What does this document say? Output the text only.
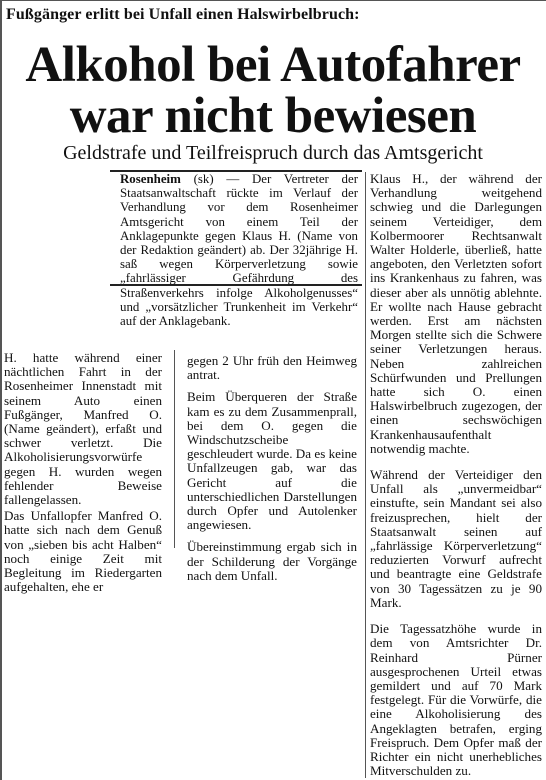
Fußgänger erlitt bei Unfall einen Halswirbelbruch:
Alkohol bei Autofahrer
war nicht bewiesen
Geldstrafe und Teilfreispruch durch das Amtsgericht
Rosenheim (sk) — Der Vertreter der Staatsanwaltschaft rückte im Verlauf der Verhandlung vor dem Rosenheimer Amtsgericht von einem Teil der Anklagepunkte gegen Klaus H. (Name von der Redaktion geändert) ab. Der 32jährige H. saß wegen Körperverletzung sowie „fahrlässiger Gefährdung des Straßenverkehrs infolge Alkoholgenusses“ und „vorsätzlicher Trunkenheit im Verkehr“ auf der Anklagebank.
H. hatte während einer nächtlichen Fahrt in der Rosenheimer Innenstadt mit seinem Auto einen Fußgänger, Manfred O. (Name geändert), erfaßt und schwer verletzt. Die Alkoholisierungsvorwürfe gegen H. wurden wegen fehlender Beweise fallengelassen.
Das Unfallopfer Manfred O. hatte sich nach dem Genuß von „sieben bis acht Halben“ noch einige Zeit mit Begleitung im Riedergarten aufgehalten, ehe er
gegen 2 Uhr früh den Heimweg antrat.
Beim Überqueren der Straße kam es zu dem Zusammenprall, bei dem O. gegen die Windschutzscheibe geschleudert wurde. Da es keine Unfallzeugen gab, war das Gericht auf die unterschiedlichen Darstellungen durch Opfer und Autolenker angewiesen.
Übereinstimmung ergab sich in der Schilderung der Vorgänge nach dem Unfall.
Klaus H., der während der Verhandlung weitgehend schwieg und die Darlegungen seinem Verteidiger, dem Kolbermoorer Rechtsanwalt Walter Holderle, überließ, hatte angeboten, den Verletzten sofort ins Krankenhaus zu fahren, was dieser aber als unnötig ablehnte. Er wollte nach Hause gebracht werden. Erst am nächsten Morgen stellte sich die Schwere seiner Verletzungen heraus. Neben zahlreichen Schürfwunden und Prellungen hatte sich O. einen Halswirbelbruch zugezogen, der einen sechswöchigen Krankenhausaufenthalt notwendig machte.
Während der Verteidiger den Unfall als „unvermeidbar“ einstufte, sein Mandant sei also freizusprechen, hielt der Staatsanwalt seinen auf „fahrlässige Körperverletzung“ reduzierten Vorwurf aufrecht und beantragte eine Geldstrafe von 30 Tagessätzen zu je 90 Mark.
Die Tagessatzhöhe wurde in dem von Amtsrichter Dr. Reinhard Pürner ausgesprochenen Urteil etwas gemildert und auf 70 Mark festgelegt. Für die Vorwürfe, die eine Alkoholisierung des Angeklagten betrafen, erging Freispruch. Dem Opfer maß der Richter ein nicht unerhebliches Mitverschulden zu.
